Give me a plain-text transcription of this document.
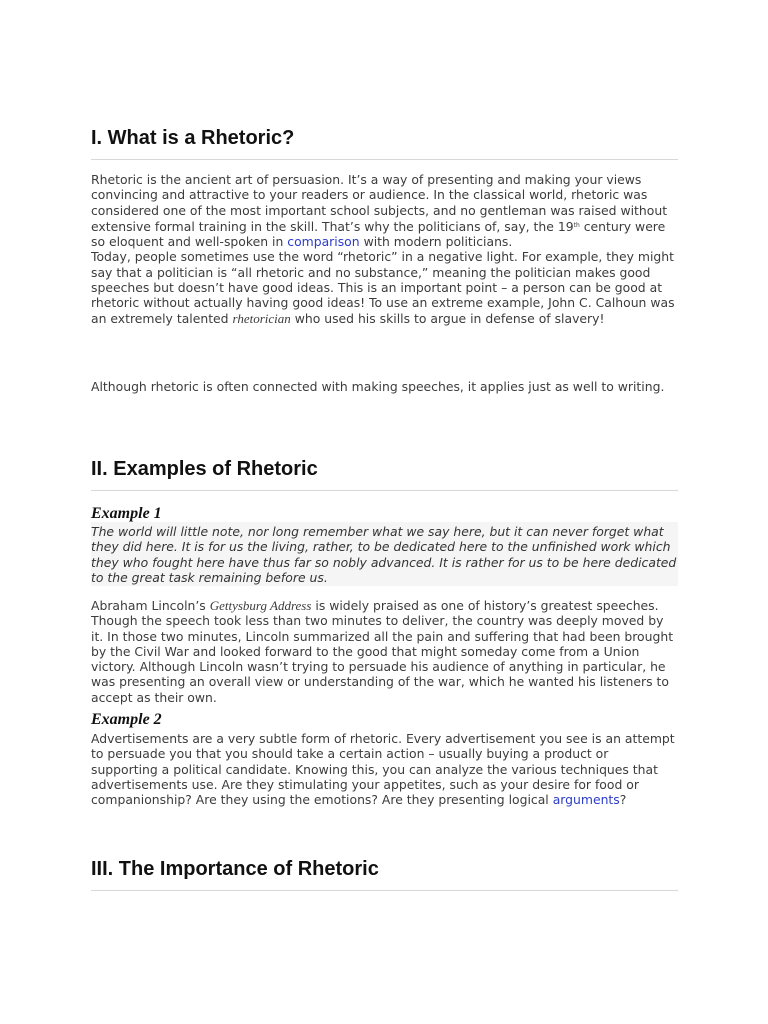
I. What is a Rhetoric?

Rhetoric is the ancient art of persuasion. It’s a way of presenting and making your views convincing and attractive to your readers or audience. In the classical world, rhetoric was considered one of the most important school subjects, and no gentleman was raised without extensive formal training in the skill. That’s why the politicians of, say, the 19th century were so eloquent and well-spoken in comparison with modern politicians.
Today, people sometimes use the word “rhetoric” in a negative light. For example, they might say that a politician is “all rhetoric and no substance,” meaning the politician makes good speeches but doesn’t have good ideas. This is an important point – a person can be good at rhetoric without actually having good ideas! To use an extreme example, John C. Calhoun was an extremely talented rhetorician who used his skills to argue in defense of slavery!

Although rhetoric is often connected with making speeches, it applies just as well to writing.

II. Examples of Rhetoric
Example 1

The world will little note, nor long remember what we say here, but it can never forget what they did here. It is for us the living, rather, to be dedicated here to the unfinished work which they who fought here have thus far so nobly advanced. It is rather for us to be here dedicated to the great task remaining before us.

Abraham Lincoln’s Gettysburg Address is widely praised as one of history’s greatest speeches. Though the speech took less than two minutes to deliver, the country was deeply moved by it. In those two minutes, Lincoln summarized all the pain and suffering that had been brought by the Civil War and looked forward to the good that might someday come from a Union victory. Although Lincoln wasn’t trying to persuade his audience of anything in particular, he was presenting an overall view or understanding of the war, which he wanted his listeners to accept as their own.

Example 2

Advertisements are a very subtle form of rhetoric. Every advertisement you see is an attempt to persuade you that you should take a certain action – usually buying a product or supporting a political candidate. Knowing this, you can analyze the various techniques that advertisements use. Are they stimulating your appetites, such as your desire for food or companionship? Are they using the emotions? Are they presenting logical arguments?

III. The Importance of Rhetoric
